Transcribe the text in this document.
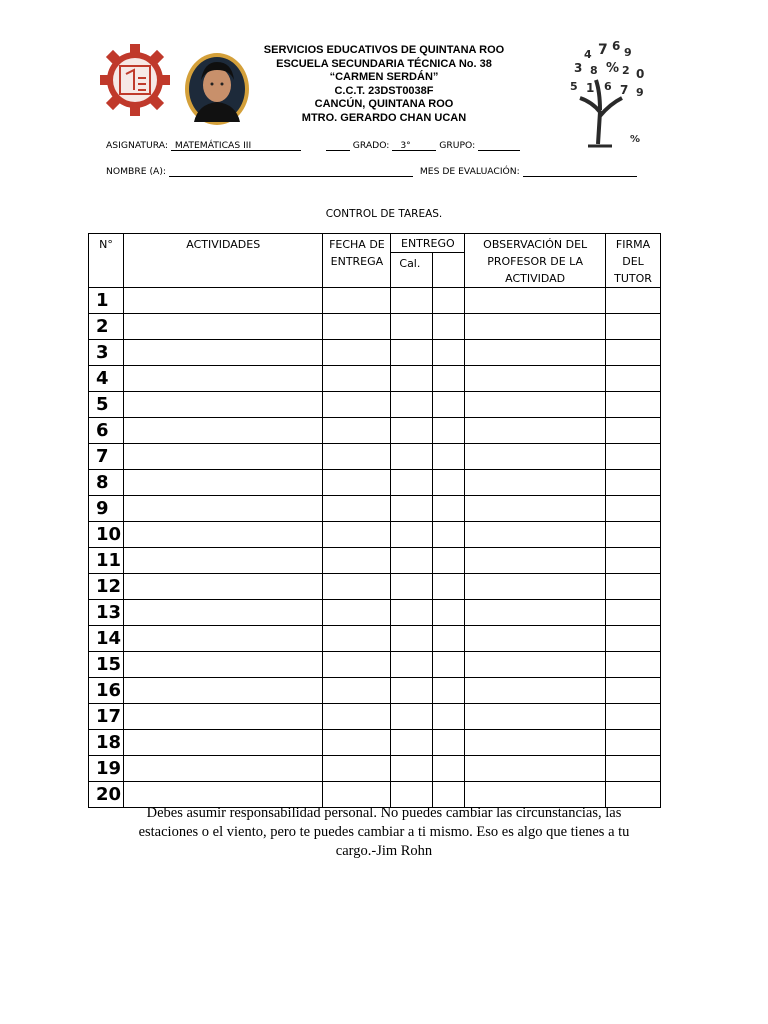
7 6 9
4
3 8 % 2 0
5 1 6 7 9
%
SERVICIOS EDUCATIVOS DE QUINTANA ROO
ESCUELA SECUNDARIA TÉCNICA No. 38
“CARMEN SERDÁN”
C.C.T. 23DST0038F
CANCÚN, QUINTANA ROO
MTRO. GERARDO CHAN UCAN
ASIGNATURA: MATEMÁTICAS III	GRADO: 3°	GRUPO:
NOMBRE (A):	MES DE EVALUACIÓN:
CONTROL DE TAREAS.
N°	ACTIVIDADES	FECHA DE ENTREGA	ENTREGO		OBSERVACIÓN DEL PROFESOR DE LA ACTIVIDAD	FIRMA DEL TUTOR
			Cal.			
1						
2						
3						
4						
5						
6						
7						
8						
9						
10						
11						
12						
13						
14						
15						
16						
17						
18						
19						
20						
Debes asumir responsabilidad personal. No puedes cambiar las circunstancias, las estaciones o el viento, pero te puedes cambiar a ti mismo. Eso es algo que tienes a tu cargo.-Jim Rohn
